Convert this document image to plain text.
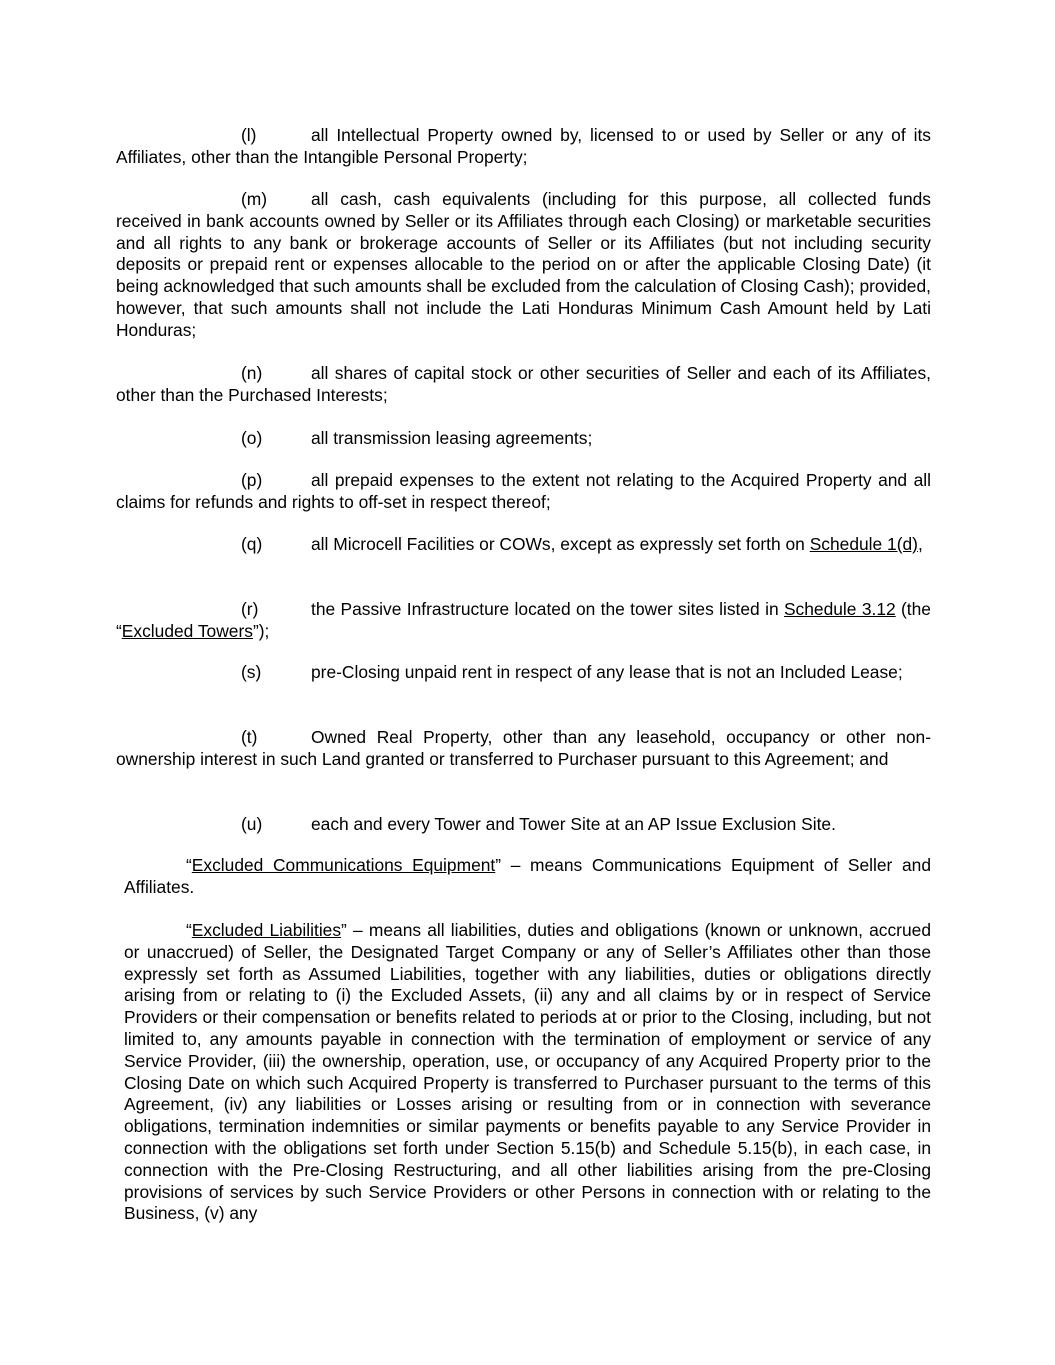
(l)	all Intellectual Property owned by, licensed to or used by Seller or any of its Affiliates, other than the Intangible Personal Property;

(m)	all cash, cash equivalents (including for this purpose, all collected funds received in bank accounts owned by Seller or its Affiliates through each Closing) or marketable securities and all rights to any bank or brokerage accounts of Seller or its Affiliates (but not including security deposits or prepaid rent or expenses allocable to the period on or after the applicable Closing Date) (it being acknowledged that such amounts shall be excluded from the calculation of Closing Cash); provided, however, that such amounts shall not include the Lati Honduras Minimum Cash Amount held by Lati Honduras;

(n)	all shares of capital stock or other securities of Seller and each of its Affiliates, other than the Purchased Interests;

(o)	all transmission leasing agreements;

(p)	all prepaid expenses to the extent not relating to the Acquired Property and all claims for refunds and rights to off-set in respect thereof;

(q)	all Microcell Facilities or COWs, except as expressly set forth on Schedule 1(d),

(r)	the Passive Infrastructure located on the tower sites listed in Schedule 3.12 (the “Excluded Towers”);

(s)	pre-Closing unpaid rent in respect of any lease that is not an Included Lease;

(t)	Owned Real Property, other than any leasehold, occupancy or other non-ownership interest in such Land granted or transferred to Purchaser pursuant to this Agreement; and

(u)	each and every Tower and Tower Site at an AP Issue Exclusion Site.

“Excluded Communications Equipment” – means Communications Equipment of Seller and Affiliates.

“Excluded Liabilities” – means all liabilities, duties and obligations (known or unknown, accrued or unaccrued) of Seller, the Designated Target Company or any of Seller’s Affiliates other than those expressly set forth as Assumed Liabilities, together with any liabilities, duties or obligations directly arising from or relating to (i) the Excluded Assets, (ii) any and all claims by or in respect of Service Providers or their compensation or benefits related to periods at or prior to the Closing, including, but not limited to, any amounts payable in connection with the termination of employment or service of any Service Provider, (iii) the ownership, operation, use, or occupancy of any Acquired Property prior to the Closing Date on which such Acquired Property is transferred to Purchaser pursuant to the terms of this Agreement, (iv) any liabilities or Losses arising or resulting from or in connection with severance obligations, termination indemnities or similar payments or benefits payable to any Service Provider in connection with the obligations set forth under Section 5.15(b) and Schedule 5.15(b), in each case, in connection with the Pre-Closing Restructuring, and all other liabilities arising from the pre-Closing provisions of services by such Service Providers or other Persons in connection with or relating to the Business, (v) any
